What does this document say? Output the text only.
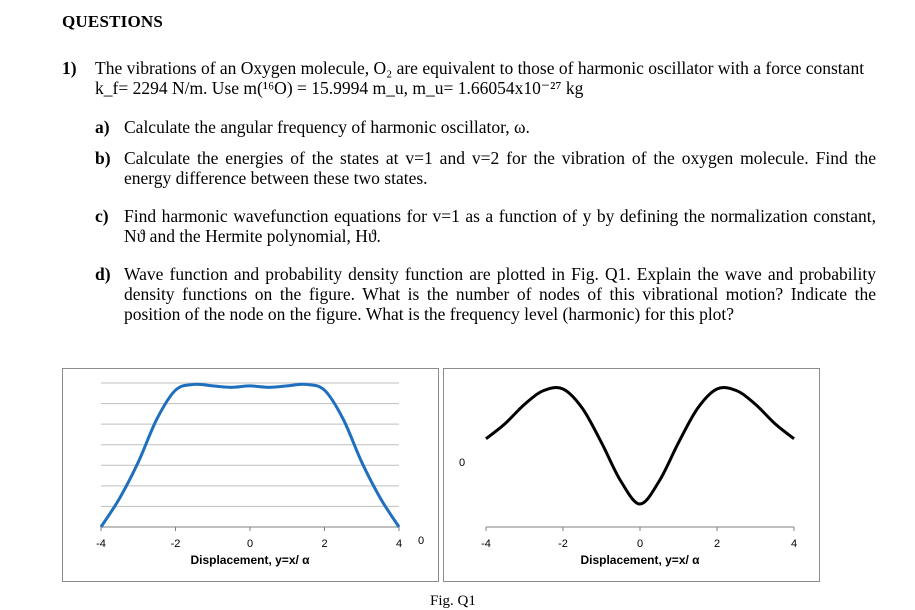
QUESTIONS
1) The vibrations of an Oxygen molecule, O₂ are equivalent to those of harmonic oscillator with a force constant k_f= 2294 N/m. Use m(¹⁶O) = 15.9994 m_u, m_u= 1.66054x10⁻²⁷ kg
a) Calculate the angular frequency of harmonic oscillator, ω.
b) Calculate the energies of the states at v=1 and v=2 for the vibration of the oxygen molecule. Find the energy difference between these two states.
c) Find harmonic wavefunction equations for v=1 as a function of y by defining the normalization constant, Nϑ and the Hermite polynomial, Hϑ.
d) Wave function and probability density function are plotted in Fig. Q1. Explain the wave and probability density functions on the figure. What is the number of nodes of this vibrational motion? Indicate the position of the node on the figure. What is the frequency level (harmonic) for this plot?
-4	-2	0	2	4
Displacement, y=x/ α
0	-4	-2	0	2	4
Displacement, y=x/ α
0
Fig. Q1
